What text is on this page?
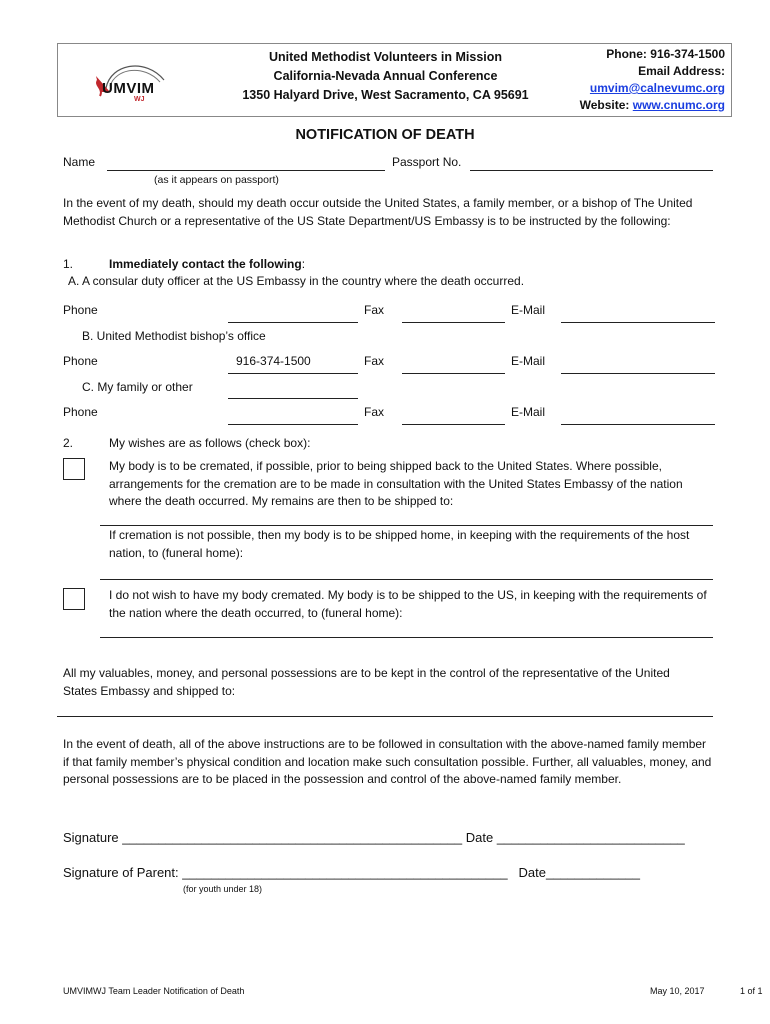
UMVIM
WJ
United Methodist Volunteers in Mission
California-Nevada Annual Conference
1350 Halyard Drive, West Sacramento, CA 95691
Phone: 916-374-1500
Email Address:
umvim@calnevumc.org
Website: www.cnumc.org
NOTIFICATION OF DEATH
Name
(as it appears on passport)
Passport No.
In the event of my death, should my death occur outside the United States, a family member, or a bishop of The United Methodist Church or a representative of the US State Department/US Embassy is to be instructed by the following:
1.	Immediately contact the following:
A. A consular duty officer at the US Embassy in the country where the death occurred.
Phone	Fax	E-Mail
B. United Methodist bishop’s office
Phone	916-374-1500	Fax	E-Mail
C. My family or other
Phone	Fax	E-Mail
2.	My wishes are as follows (check box):
My body is to be cremated, if possible, prior to being shipped back to the United States. Where possible, arrangements for the cremation are to be made in consultation with the United States Embassy of the nation where the death occurred. My remains are then to be shipped to:
If cremation is not possible, then my body is to be shipped home, in keeping with the requirements of the host nation, to (funeral home):
I do not wish to have my body cremated. My body is to be shipped to the US, in keeping with the requirements of the nation where the death occurred, to (funeral home):
All my valuables, money, and personal possessions are to be kept in the control of the representative of the United States Embassy and shipped to:
In the event of death, all of the above instructions are to be followed in consultation with the above-named family member if that family member’s physical condition and location make such consultation possible. Further, all valuables, money, and personal possessions are to be placed in the possession and control of the above-named family member.
Signature _______________________________________________ Date __________________________
Signature of Parent: _____________________________________________ Date_____________
(for youth under 18)
UMVIMWJ Team Leader Notification of Death	May 10, 2017	1 of 1
